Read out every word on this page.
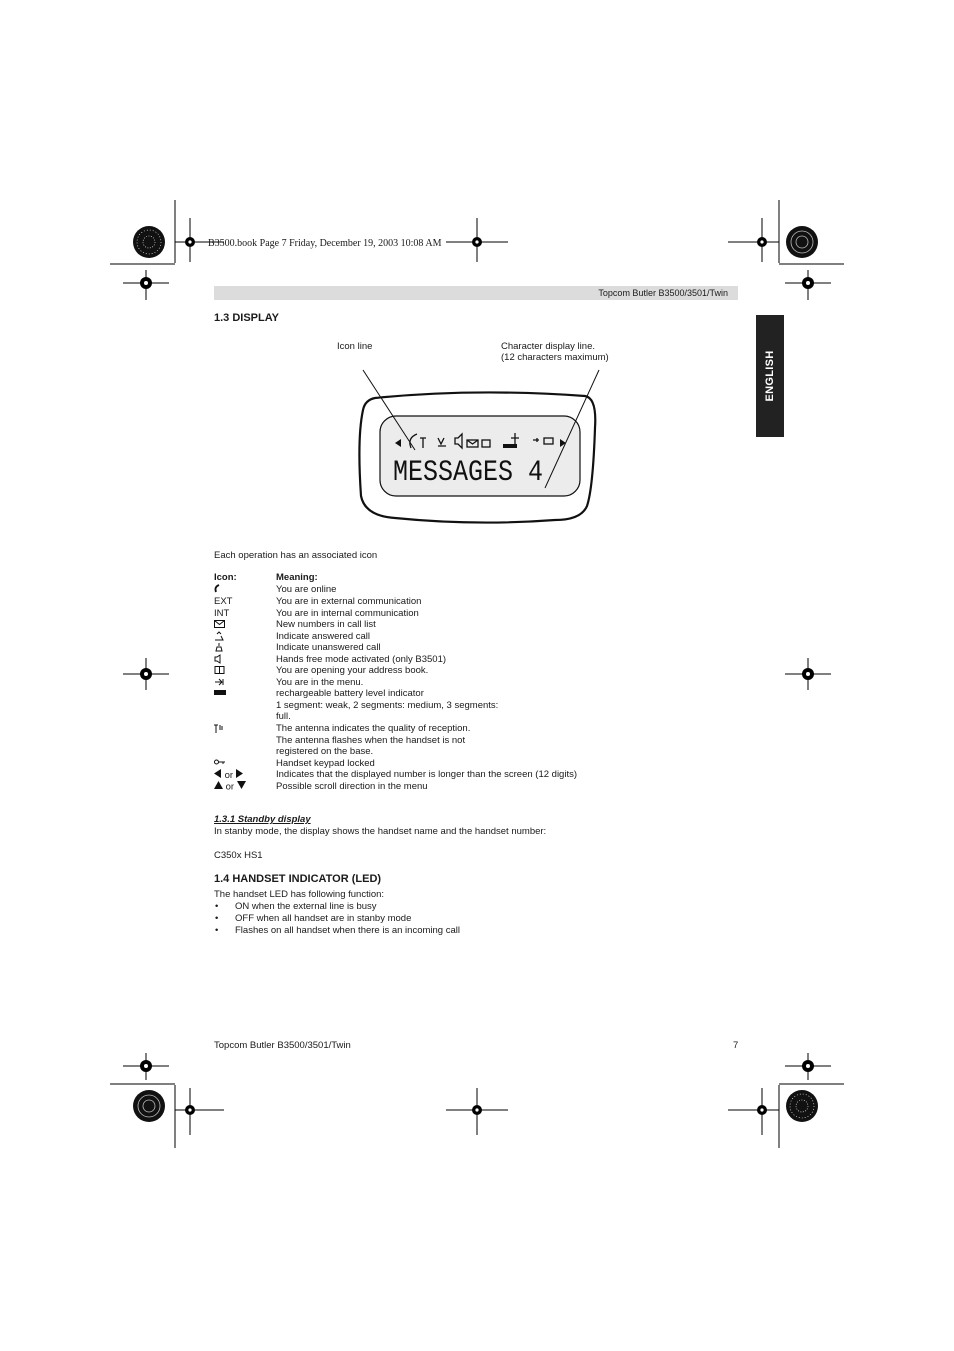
B3500.book Page 7 Friday, December 19, 2003 10:08 AM
Topcom Butler B3500/3501/Twin
ENGLISH
1.3 DISPLAY
Icon line	Character display line.
(12 characters maximum)
MESSAGES 4
Each operation has an associated icon
Icon:	Meaning:
You are online
EXT	You are in external communication
INT	You are in internal communication
New numbers in call list
Indicate answered call
Indicate unanswered call
Hands free mode activated (only B3501)
You are opening your address book.
You are in the menu.
rechargeable battery level indicator
1 segment: weak, 2 segments: medium, 3 segments:
full.
The antenna indicates the quality of reception.
The antenna flashes when the handset is not
registered on the base.
Handset keypad locked
or	Indicates that the displayed number is longer than the screen (12 digits)
or	Possible scroll direction in the menu
1.3.1 Standby display
In stanby mode, the display shows the handset name and the handset number:
C350x HS1
1.4 HANDSET INDICATOR (LED)
The handset LED has following function:
• ON when the external line is busy
• OFF when all handset are in stanby mode
• Flashes on all handset when there is an incoming call
Topcom Butler B3500/3501/Twin	7
